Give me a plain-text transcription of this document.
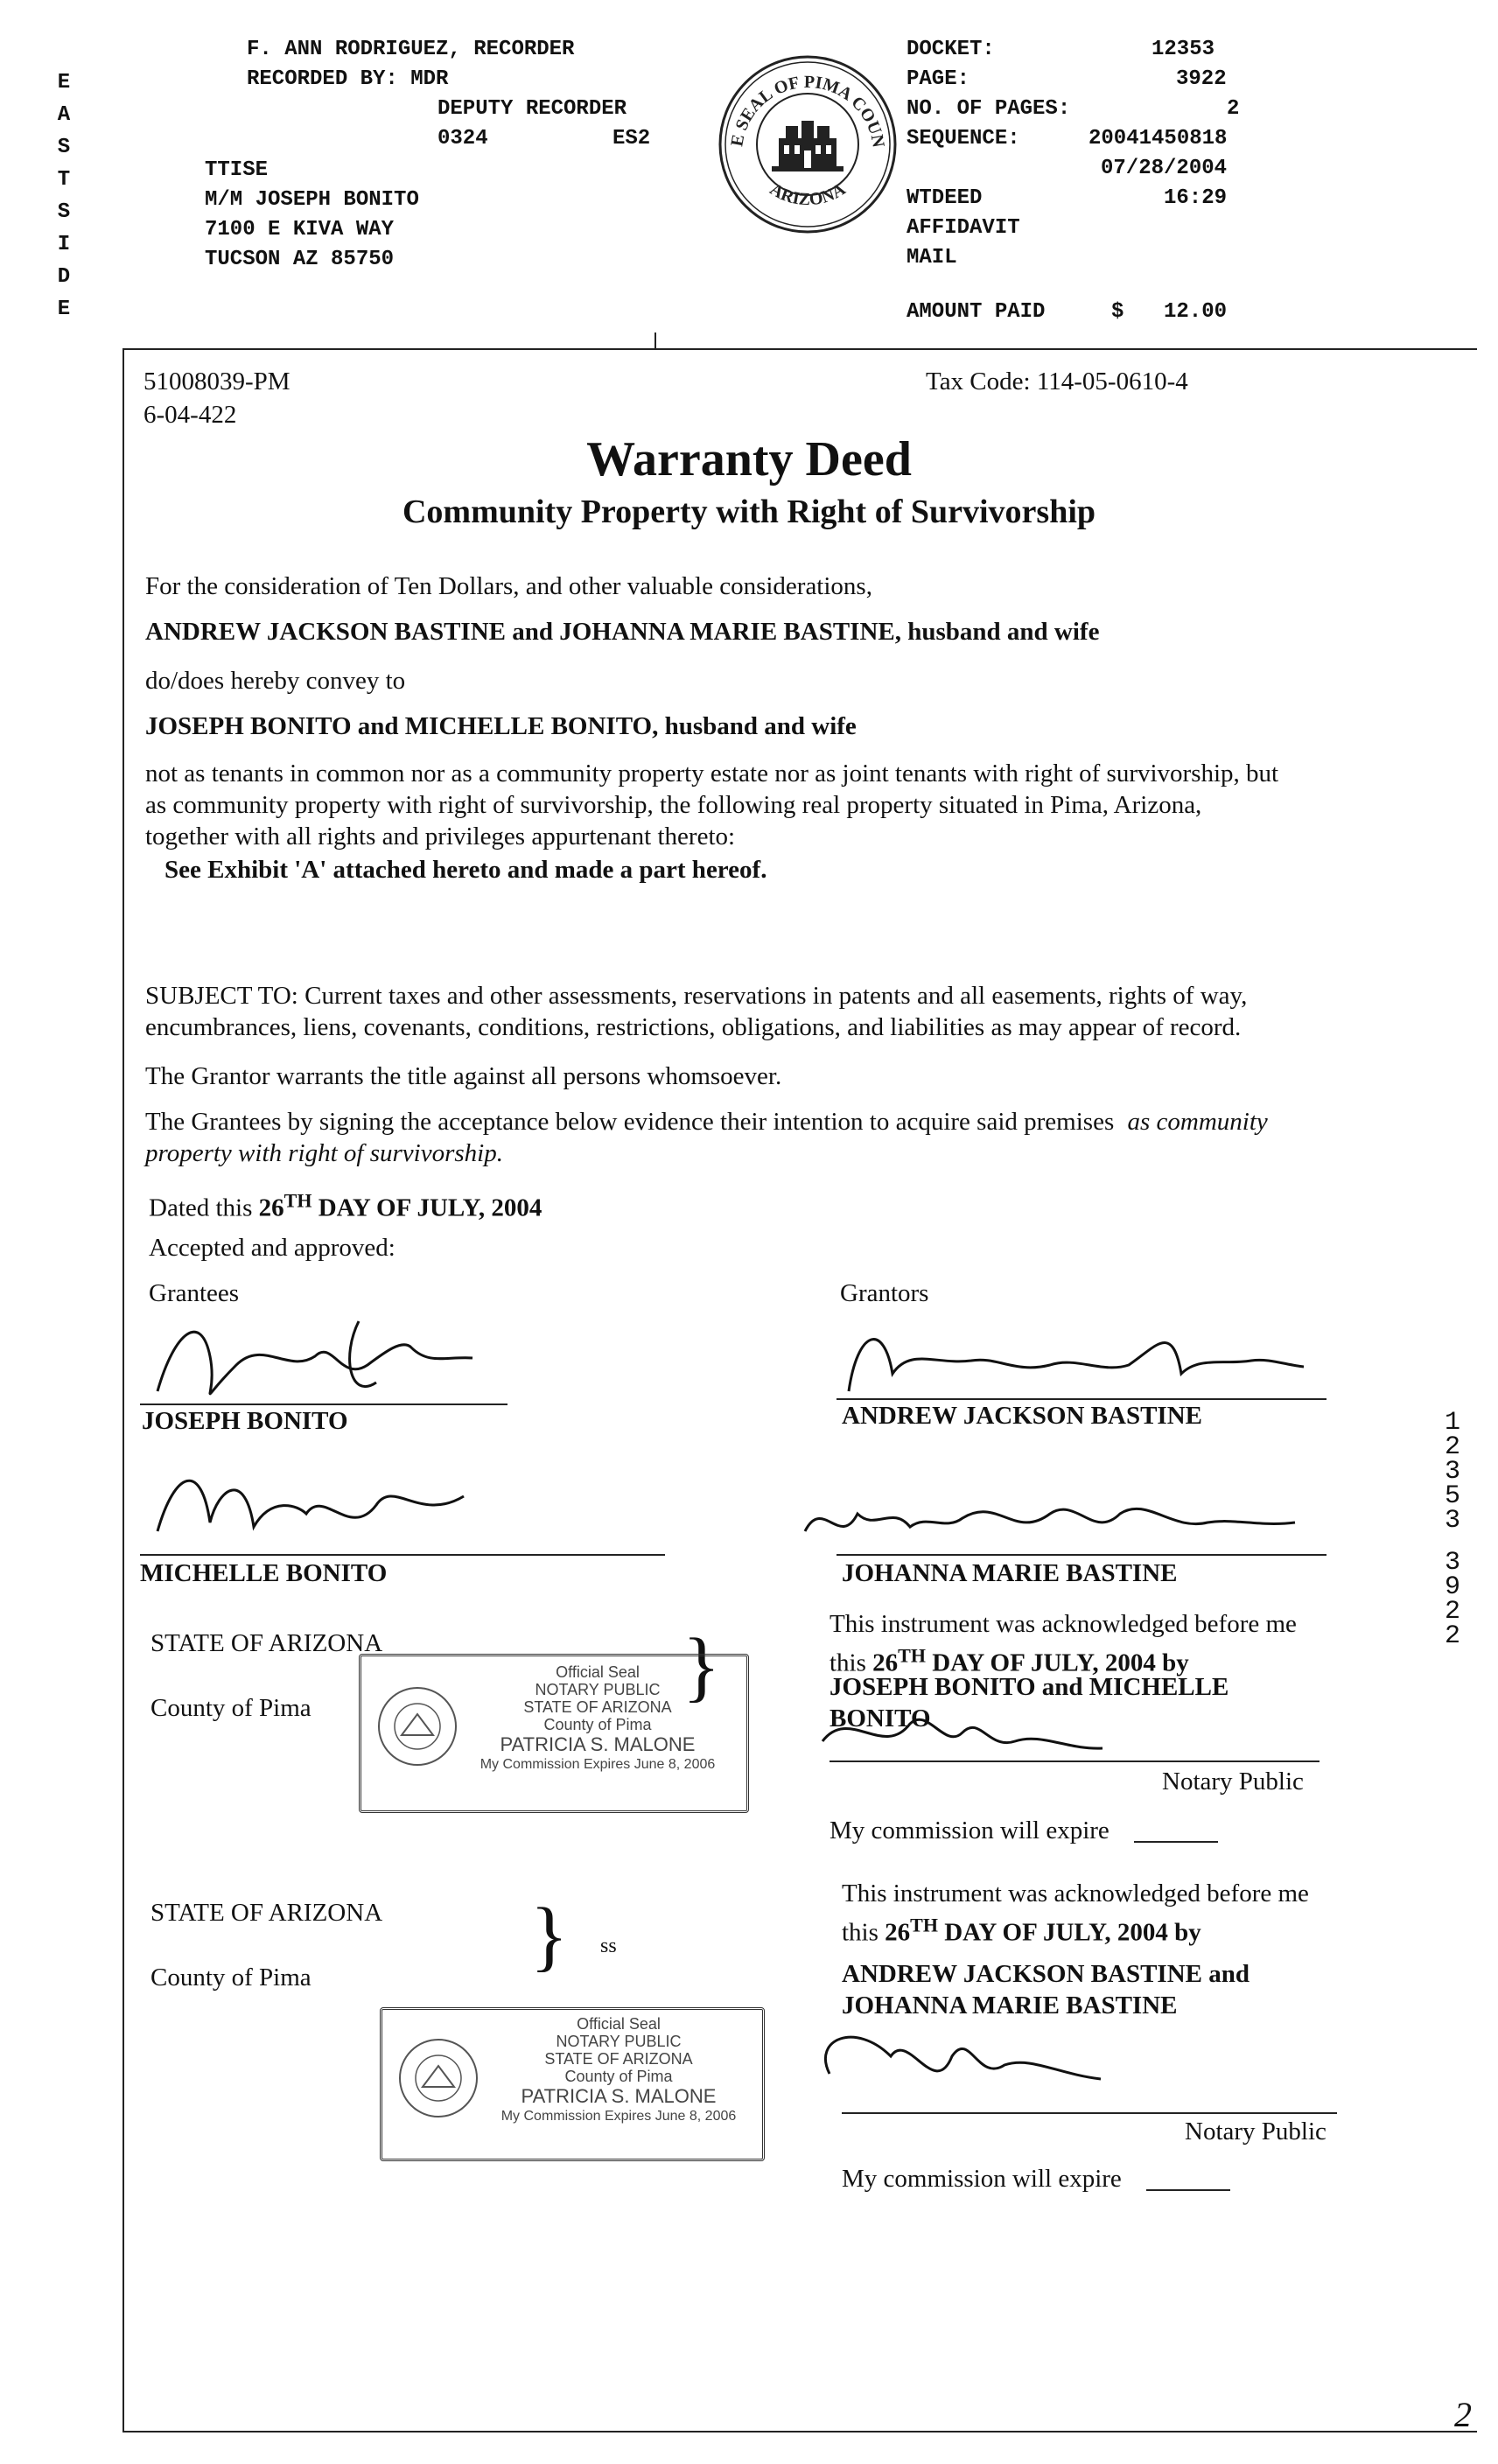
E
A
S
T
S
I
D
E
F. ANN RODRIGUEZ, RECORDER
RECORDED BY: MDR
DEPUTY RECORDER
0324	ES2
TTISE
M/M JOSEPH BONITO
7100 E KIVA WAY
TUCSON AZ 85750
E SEAL OF PIMA COUN
ARIZONA
DOCKET:	12353
PAGE:	3922
NO. OF PAGES:	2
SEQUENCE:	20041450818
07/28/2004
WTDEED	16:29
AFFIDAVIT
MAIL
AMOUNT PAID	$ 12.00
51008039-PM
6-04-422
Tax Code: 114-05-0610-4
Warranty Deed
Community Property with Right of Survivorship
For the consideration of Ten Dollars, and other valuable considerations,
ANDREW JACKSON BASTINE and JOHANNA MARIE BASTINE, husband and wife
do/does hereby convey to
JOSEPH BONITO and MICHELLE BONITO, husband and wife
not as tenants in common nor as a community property estate nor as joint tenants with right of survivorship, but
as community property with right of survivorship, the following real property situated in Pima, Arizona,
together with all rights and privileges appurtenant thereto:
See Exhibit 'A' attached hereto and made a part hereof.
SUBJECT TO: Current taxes and other assessments, reservations in patents and all easements, rights of way,
encumbrances, liens, covenants, conditions, restrictions, obligations, and liabilities as may appear of record.
The Grantor warrants the title against all persons whomsoever.
The Grantees by signing the acceptance below evidence their intention to acquire said premises as community
property with right of survivorship.
Dated this 26TH DAY OF JULY, 2004
Accepted and approved:
Grantees	Grantors
JOSEPH BONITO
MICHELLE BONITO
ANDREW JACKSON BASTINE
JOHANNA MARIE BASTINE
STATE OF ARIZONA
County of Pima	}
Official Seal
NOTARY PUBLIC
STATE OF ARIZONA
County of Pima
PATRICIA S. MALONE
My Commission Expires June 8, 2006
This instrument was acknowledged before me
this 26TH DAY OF JULY, 2004 by
JOSEPH BONITO and MICHELLE
BONITO
Notary Public
My commission will expire
STATE OF ARIZONA
County of Pima	} ss
Official Seal
NOTARY PUBLIC
STATE OF ARIZONA
County of Pima
PATRICIA S. MALONE
My Commission Expires June 8, 2006
This instrument was acknowledged before me
this 26TH DAY OF JULY, 2004 by
ANDREW JACKSON BASTINE and
JOHANNA MARIE BASTINE
Notary Public
My commission will expire
1
2
3
5
3
3
9
2
2
2
